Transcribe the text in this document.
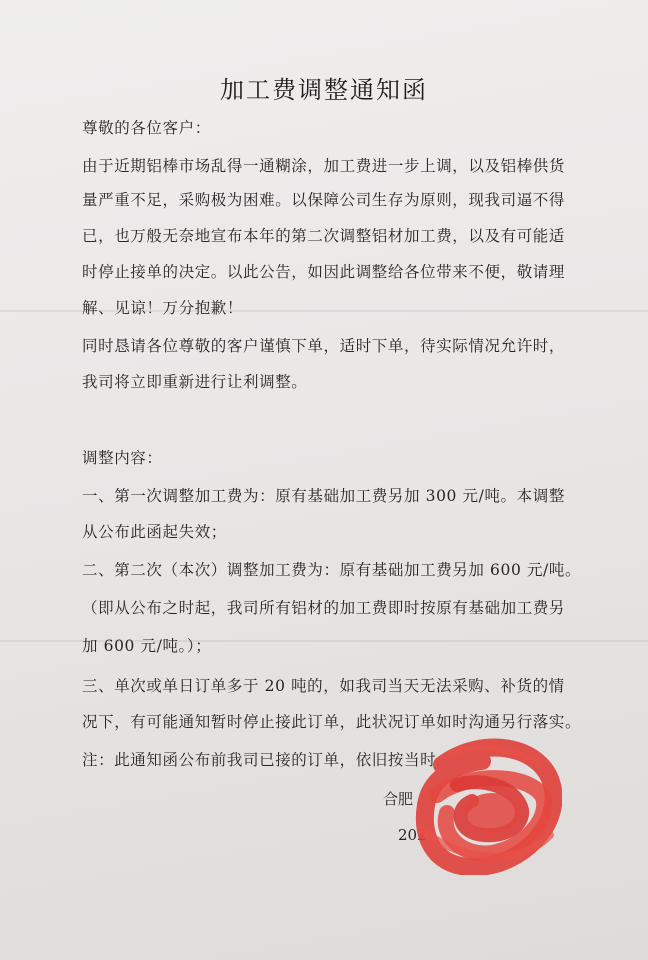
加工费调整通知函
尊敬的各位客户：
由于近期铝棒市场乱得一通糊涂，加工费进一步上调，以及铝棒供货
量严重不足，采购极为困难。以保障公司生存为原则，现我司逼不得
已，也万般无奈地宣布本年的第二次调整铝材加工费，以及有可能适
时停止接单的决定。以此公告，如因此调整给各位带来不便，敬请理
解、见谅！万分抱歉！
同时恳请各位尊敬的客户谨慎下单，适时下单，待实际情况允许时，
我司将立即重新进行让利调整。
调整内容：
一、第一次调整加工费为：原有基础加工费另加 300 元/吨。本调整
从公布此函起失效；
二、第二次（本次）调整加工费为：原有基础加工费另加 600 元/吨。
（即从公布之时起，我司所有铝材的加工费即时按原有基础加工费另
加 600 元/吨。）；
三、单次或单日订单多于 20 吨的，如我司当天无法采购、补货的情
况下，有可能通知暂时停止接此订单，此状况订单如时沟通另行落实。
注：此通知函公布前我司已接的订单，依旧按当时
合肥
202
